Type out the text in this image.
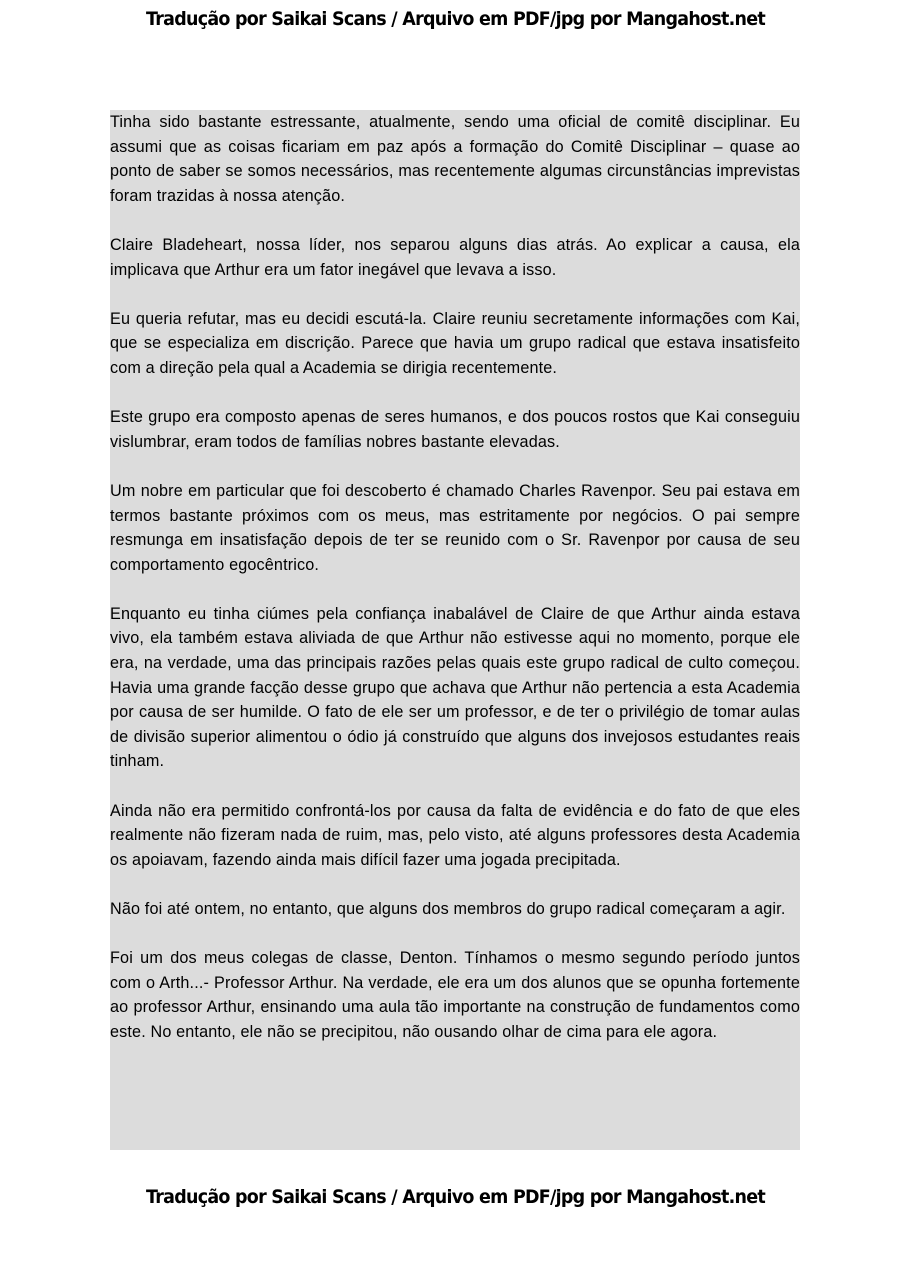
Tradução por Saikai Scans / Arquivo em PDF/jpg por Mangahost.net

Tinha sido bastante estressante, atualmente, sendo uma oficial de comitê disciplinar. Eu assumi que as coisas ficariam em paz após a formação do Comitê Disciplinar – quase ao ponto de saber se somos necessários, mas recentemente algumas circunstâncias imprevistas foram trazidas à nossa atenção.

Claire Bladeheart, nossa líder, nos separou alguns dias atrás. Ao explicar a causa, ela implicava que Arthur era um fator inegável que levava a isso.

Eu queria refutar, mas eu decidi escutá-la. Claire reuniu secretamente informações com Kai, que se especializa em discrição. Parece que havia um grupo radical que estava insatisfeito com a direção pela qual a Academia se dirigia recentemente.

Este grupo era composto apenas de seres humanos, e dos poucos rostos que Kai conseguiu vislumbrar, eram todos de famílias nobres bastante elevadas.

Um nobre em particular que foi descoberto é chamado Charles Ravenpor. Seu pai estava em termos bastante próximos com os meus, mas estritamente por negócios. O pai sempre resmunga em insatisfação depois de ter se reunido com o Sr. Ravenpor por causa de seu comportamento egocêntrico.

Enquanto eu tinha ciúmes pela confiança inabalável de Claire de que Arthur ainda estava vivo, ela também estava aliviada de que Arthur não estivesse aqui no momento, porque ele era, na verdade, uma das principais razões pelas quais este grupo radical de culto começou. Havia uma grande facção desse grupo que achava que Arthur não pertencia a esta Academia por causa de ser humilde. O fato de ele ser um professor, e de ter o privilégio de tomar aulas de divisão superior alimentou o ódio já construído que alguns dos invejosos estudantes reais tinham.

Ainda não era permitido confrontá-los por causa da falta de evidência e do fato de que eles realmente não fizeram nada de ruim, mas, pelo visto, até alguns professores desta Academia os apoiavam, fazendo ainda mais difícil fazer uma jogada precipitada.

Não foi até ontem, no entanto, que alguns dos membros do grupo radical começaram a agir.

Foi um dos meus colegas de classe, Denton. Tínhamos o mesmo segundo período juntos com o Arth...- Professor Arthur. Na verdade, ele era um dos alunos que se opunha fortemente ao professor Arthur, ensinando uma aula tão importante na construção de fundamentos como este. No entanto, ele não se precipitou, não ousando olhar de cima para ele agora.

Tradução por Saikai Scans / Arquivo em PDF/jpg por Mangahost.net
